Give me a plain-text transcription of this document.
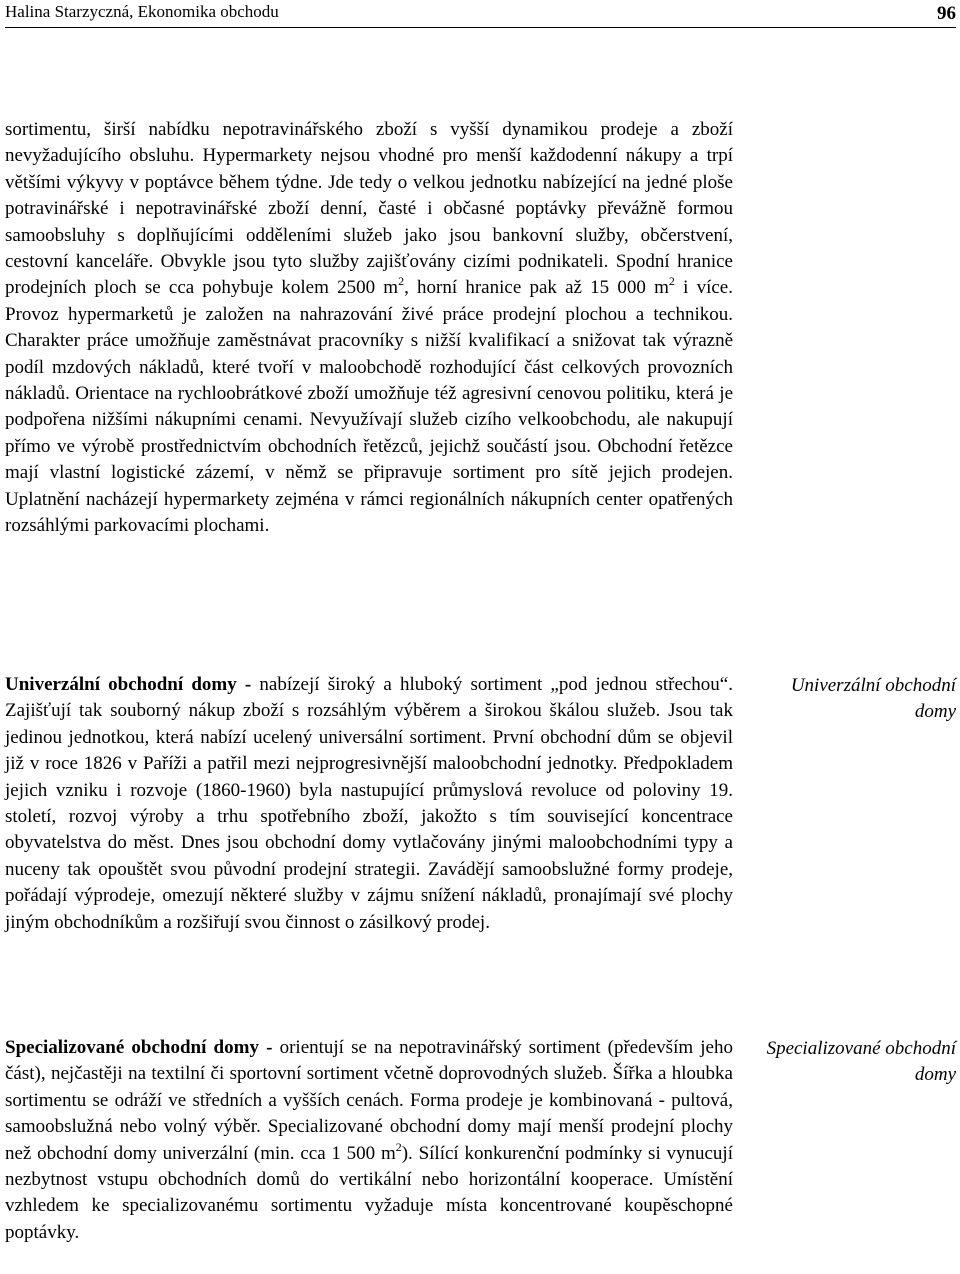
Halina Starzyczná, Ekonomika obchodu	96

sortimentu, širší nabídku nepotravinářského zboží s vyšší dynamikou prodeje a zboží nevyžadujícího obsluhu. Hypermarkety nejsou vhodné pro menší každodenní nákupy a trpí většími výkyvy v poptávce během týdne. Jde tedy o velkou jednotku nabízející na jedné ploše potravinářské i nepotravinářské zboží denní, časté i občasné poptávky převážně formou samoobsluhy s doplňujícími odděleními služeb jako jsou bankovní služby, občerstvení, cestovní kanceláře. Obvykle jsou tyto služby zajišťovány cizími podnikateli. Spodní hranice prodejních ploch se cca pohybuje kolem 2500 $m^2$, horní hranice pak až 15 000 $m^2$ i více. Provoz hypermarketů je založen na nahrazování živé práce prodejní plochou a technikou. Charakter práce umožňuje zaměstnávat pracovníky s nižší kvalifikací a snižovat tak výrazně podíl mzdových nákladů, které tvoří v maloobchodě rozhodující část celkových provozních nákladů. Orientace na rychloobrátkové zboží umožňuje též agresivní cenovou politiku, která je podpořena nižšími nákupními cenami. Nevyužívají služeb cizího velkoobchodu, ale nakupují přímo ve výrobě prostřednictvím obchodních řetězců, jejichž součástí jsou. Obchodní řetězce mají vlastní logistické zázemí, v němž se připravuje sortiment pro sítě jejich prodejen. Uplatnění nacházejí hypermarkety zejména v rámci regionálních nákupních center opatřených rozsáhlými parkovacími plochami.

Univerzální obchodní domy - nabízejí široký a hluboký sortiment „pod jednou střechou“. Zajišťují tak souborný nákup zboží s rozsáhlým výběrem a širokou škálou služeb. Jsou tak jedinou jednotkou, která nabízí ucelený universální sortiment. První obchodní dům se objevil již v roce 1826 v Paříži a patřil mezi nejprogresivnější maloobchodní jednotky. Předpokladem jejich vzniku i rozvoje (1860-1960) byla nastupující průmyslová revoluce od poloviny 19. století, rozvoj výroby a trhu spotřebního zboží, jakožto s tím související koncentrace obyvatelstva do měst. Dnes jsou obchodní domy vytlačovány jinými maloobchodními typy a nuceny tak opouštět svou původní prodejní strategii. Zavádějí samoobslužné formy prodeje, pořádají výprodeje, omezují některé služby v zájmu snížení nákladů, pronajímají své plochy jiným obchodníkům a rozšiřují svou činnost o zásilkový prodej.

Univerzální obchodní domy

Specializované obchodní domy - orientují se na nepotravinářský sortiment (především jeho část), nejčastěji na textilní či sportovní sortiment včetně doprovodných služeb. Šířka a hloubka sortimentu se odráží ve středních a vyšších cenách. Forma prodeje je kombinovaná - pultová, samoobslužná nebo volný výběr. Specializované obchodní domy mají menší prodejní plochy než obchodní domy univerzální (min. cca 1 500 $m^2$). Sílící konkurenční podmínky si vynucují nezbytnost vstupu obchodních domů do vertikální nebo horizontální kooperace. Umístění vzhledem ke specializovanému sortimentu vyžaduje místa koncentrované koupěschopné poptávky.

Specializované obchodní domy
